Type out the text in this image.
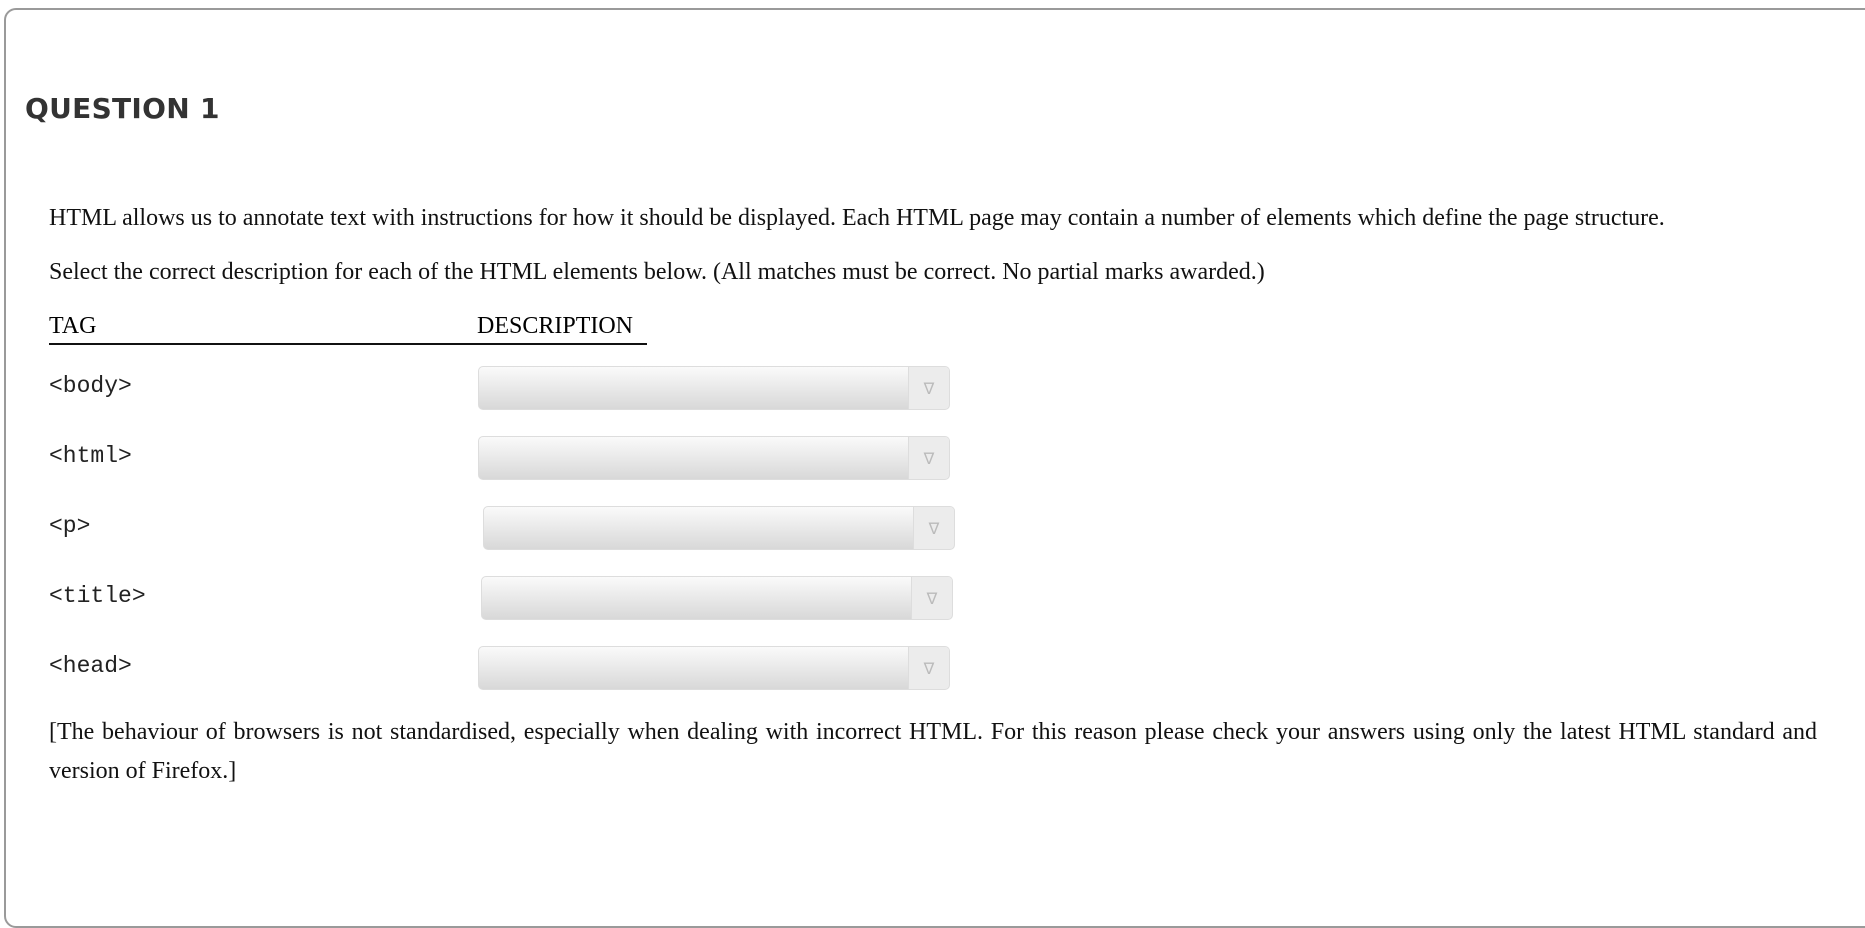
QUESTION 1
HTML allows us to annotate text with instructions for how it should be displayed. Each HTML page may contain a number of elements which define the page structure.
Select the correct description for each of the HTML elements below. (All matches must be correct. No partial marks awarded.)
TAG	DESCRIPTION
<body>	∇
<html>	∇
<p>	∇
<title>	∇
<head>	∇
[The behaviour of browsers is not standardised, especially when dealing with incorrect HTML. For this reason please check your answers using only the latest HTML standard and version of Firefox.]
